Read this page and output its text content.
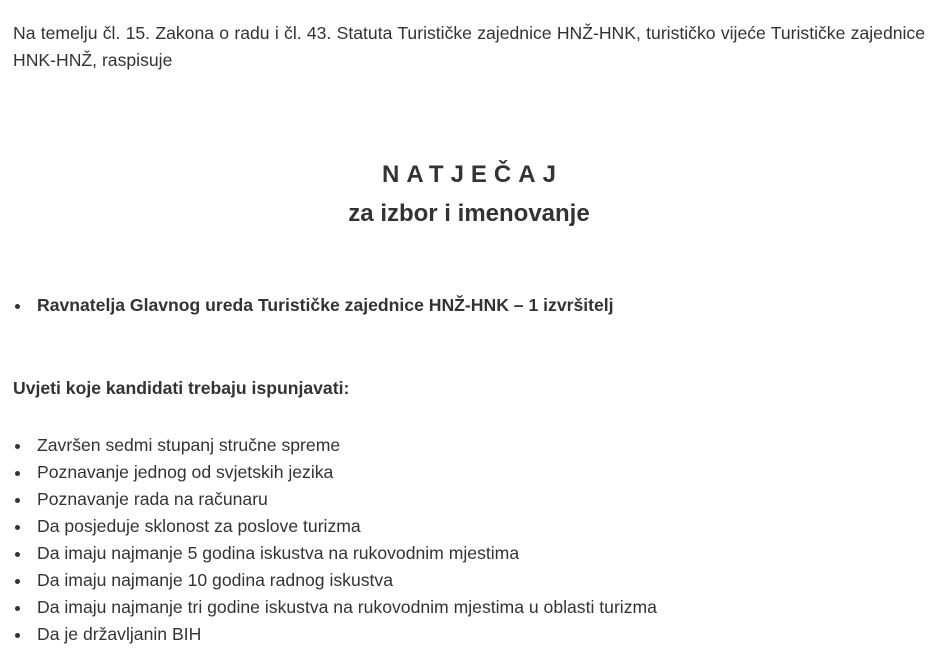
Na temelju čl. 15. Zakona o radu i čl. 43. Statuta Turističke zajednice HNŽ-HNK, turističko vijeće Turističke zajednice HNK-HNŽ, raspisuje

NATJEČAJ
za izbor i imenovanje
Ravnatelja Glavnog ureda Turističke zajednice HNŽ-HNK – 1 izvršitelj

Uvjeti koje kandidati trebaju ispunjavati:

Završen sedmi stupanj stručne spreme
Poznavanje jednog od svjetskih jezika
Poznavanje rada na računaru
Da posjeduje sklonost za poslove turizma
Da imaju najmanje 5 godina iskustva na rukovodnim mjestima
Da imaju najmanje 10 godina radnog iskustva
Da imaju najmanje tri godine iskustva na rukovodnim mjestima u oblasti turizma
Da je državljanin BIH
